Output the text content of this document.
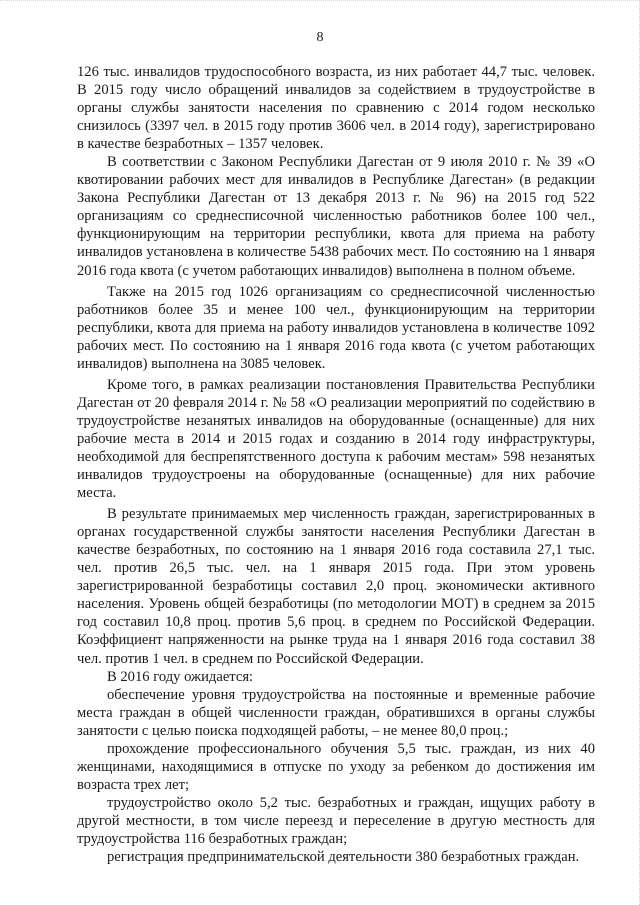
8

126 тыс. инвалидов трудоспособного возраста, из них работает 44,7 тыс. человек. В 2015 году число обращений инвалидов за содействием в трудоустройстве в органы службы занятости населения по сравнению с 2014 годом несколько снизилось (3397 чел. в 2015 году против 3606 чел. в 2014 году), зарегистрировано в качестве безработных – 1357 человек.

В соответствии с Законом Республики Дагестан от 9 июля 2010 г. № 39 «О квотировании рабочих мест для инвалидов в Республике Дагестан» (в редакции Закона Республики Дагестан от 13 декабря 2013 г. № 96) на 2015 год 522 организациям со среднесписочной численностью работников более 100 чел., функционирующим на территории республики, квота для приема на работу инвалидов установлена в количестве 5438 рабочих мест. По состоянию на 1 января 2016 года квота (с учетом работающих инвалидов) выполнена в полном объеме.

Также на 2015 год 1026 организациям со среднесписочной численностью работников более 35 и менее 100 чел., функционирующим на территории республики, квота для приема на работу инвалидов установлена в количестве 1092 рабочих мест. По состоянию на 1 января 2016 года квота (с учетом работающих инвалидов) выполнена на 3085 человек.

Кроме того, в рамках реализации постановления Правительства Республики Дагестан от 20 февраля 2014 г. № 58 «О реализации мероприятий по содействию в трудоустройстве незанятых инвалидов на оборудованные (оснащенные) для них рабочие места в 2014 и 2015 годах и созданию в 2014 году инфраструктуры, необходимой для беспрепятственного доступа к рабочим местам» 598 незанятых инвалидов трудоустроены на оборудованные (оснащенные) для них рабочие места.

В результате принимаемых мер численность граждан, зарегистрированных в органах государственной службы занятости населения Республики Дагестан в качестве безработных, по состоянию на 1 января 2016 года составила 27,1 тыс. чел. против 26,5 тыс. чел. на 1 января 2015 года. При этом уровень зарегистрированной безработицы составил 2,0 проц. экономически активного населения. Уровень общей безработицы (по методологии МОТ) в среднем за 2015 год составил 10,8 проц. против 5,6 проц. в среднем по Российской Федерации. Коэффициент напряженности на рынке труда на 1 января 2016 года составил 38 чел. против 1 чел. в среднем по Российской Федерации.

В 2016 году ожидается:

обеспечение уровня трудоустройства на постоянные и временные рабочие места граждан в общей численности граждан, обратившихся в органы службы занятости с целью поиска подходящей работы, – не менее 80,0 проц.;

прохождение профессионального обучения 5,5 тыс. граждан, из них 40 женщинами, находящимися в отпуске по уходу за ребенком до достижения им возраста трех лет;

трудоустройство около 5,2 тыс. безработных и граждан, ищущих работу в другой местности, в том числе переезд и переселение в другую местность для трудоустройства 116 безработных граждан;

регистрация предпринимательской деятельности 380 безработных граждан.
